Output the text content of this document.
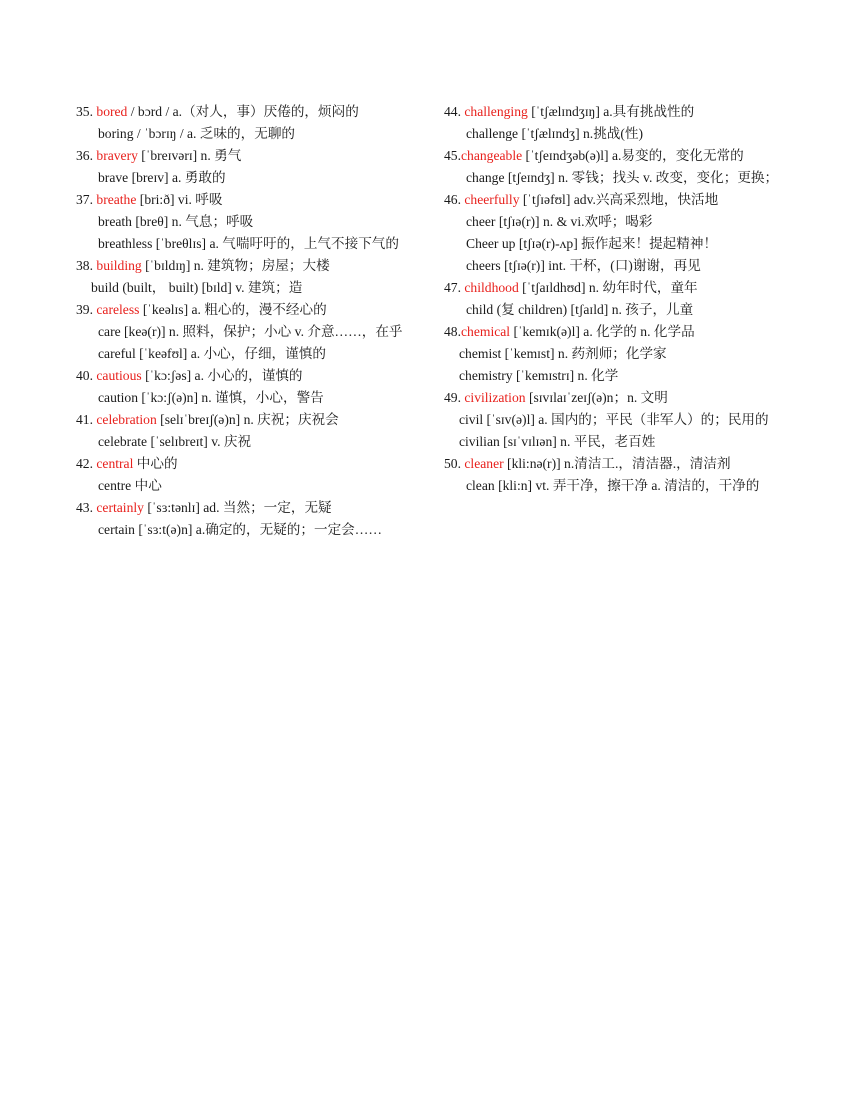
35. bored / bɔrd / a.（对人，事）厌倦的，烦闷的
boring / ˈbɔrɪŋ / a. 乏味的，无聊的
36. bravery [ˈbreɪvərɪ] n. 勇气
brave [breɪv] a. 勇敢的
37. breathe [bri:ð] vi. 呼吸
breath [breθ] n. 气息；呼吸
breathless [ˈbreθlɪs] a. 气喘吁吁的，上气不接下气的
38. building [ˈbɪldɪŋ] n. 建筑物；房屋；大楼
build (built， built) [bɪld] v. 建筑；造
39. careless [ˈkeəlɪs] a. 粗心的，漫不经心的
care [keə(r)] n. 照料，保护；小心 v. 介意……，在乎
careful [ˈkeəfʊl] a. 小心，仔细，谨慎的
40. cautious [ˈkɔ:ʃəs] a. 小心的，谨慎的
caution [ˈkɔ:ʃ(ə)n] n. 谨慎，小心，警告
41. celebration [selɪˈbreɪʃ(ə)n] n. 庆祝；庆祝会
celebrate [ˈselɪbreɪt] v. 庆祝
42. central 中心的
centre 中心
43. certainly [ˈsɜ:tənlɪ] ad. 当然；一定，无疑
certain [ˈsɜ:t(ə)n] a.确定的，无疑的；一定会……
44. challenging [ˈtʃælɪndʒɪŋ] a.具有挑战性的
challenge [ˈtʃælɪndʒ] n.挑战(性)
45.changeable [ˈtʃeɪndʒəb(ə)l] a.易变的，变化无常的
change [tʃeɪndʒ] n. 零钱；找头 v. 改变，变化；更换；
46. cheerfully [ˈtʃɪəfʊl] adv.兴高采烈地，快活地
cheer [tʃɪə(r)] n. & vi.欢呼；喝彩
Cheer up [tʃɪə(r)-ʌp] 振作起来！提起精神！
cheers [tʃɪə(r)] int. 干杯，(口)谢谢，再见
47. childhood [ˈtʃaɪldhʊd] n. 幼年时代，童年
child (复 children) [tʃaɪld] n. 孩子，儿童
48.chemical [ˈkemɪk(ə)l] a. 化学的 n. 化学品
chemist [ˈkemɪst] n. 药剂师；化学家
chemistry [ˈkemɪstrɪ] n. 化学
49. civilization [sɪvɪlaɪˈzeɪʃ(ə)n；n. 文明
civil [ˈsɪv(ə)l] a. 国内的；平民（非军人）的；民用的
civilian [sɪˈvɪlɪən] n. 平民，老百姓
50. cleaner [kli:nə(r)] n.清洁工.，清洁器.，清洁剂
clean [kli:n] vt. 弄干净，擦干净 a. 清洁的，干净的
